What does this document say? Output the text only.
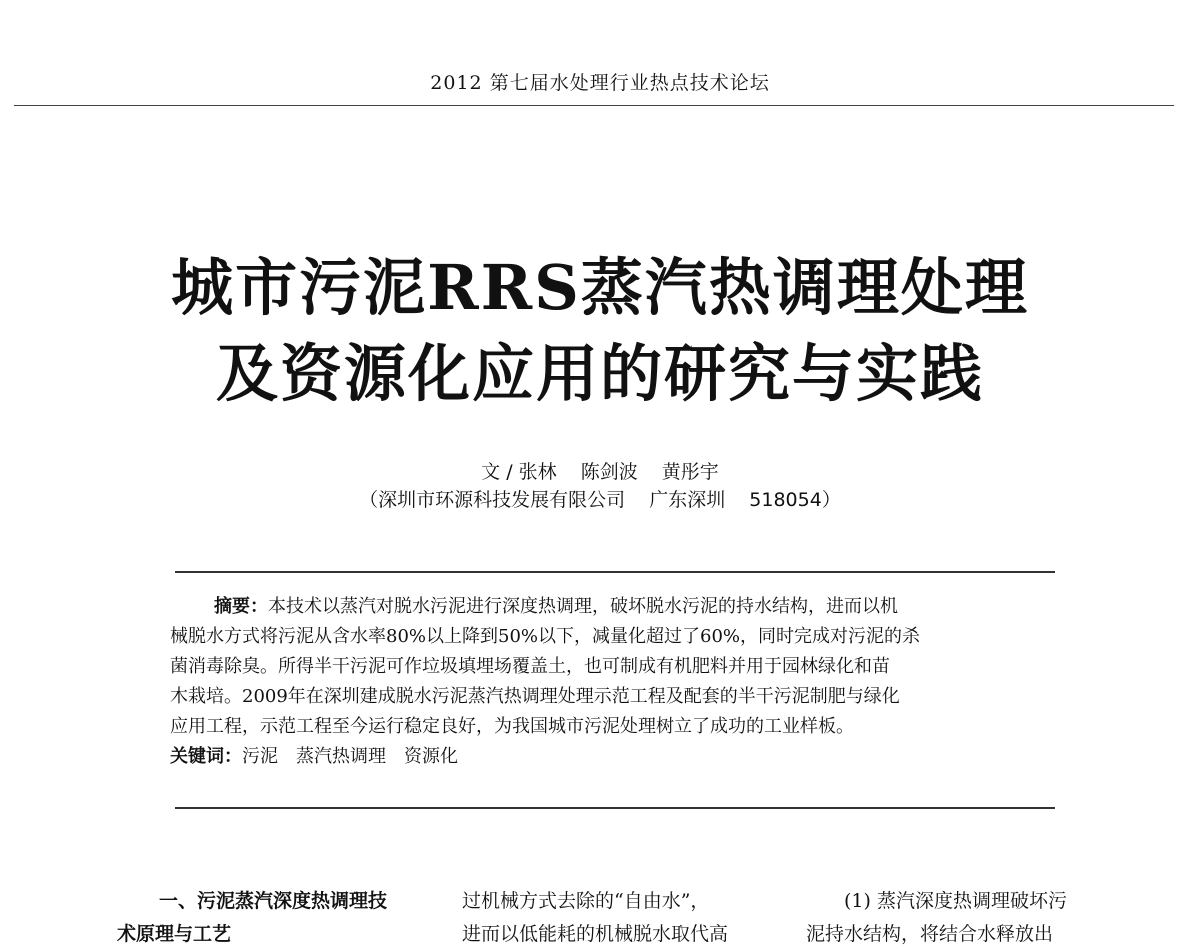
2012 第七届水处理行业热点技术论坛
城市污泥RRS蒸汽热调理处理
及资源化应用的研究与实践
文 / 张林 陈剑波 黄彤宇
（深圳市环源科技发展有限公司 广东深圳 518054）
摘要：本技术以蒸汽对脱水污泥进行深度热调理，破坏脱水污泥的持水结构，进而以机
械脱水方式将污泥从含水率80%以上降到50%以下，减量化超过了60%，同时完成对污泥的杀
菌消毒除臭。所得半干污泥可作垃圾填埋场覆盖土，也可制成有机肥料并用于园林绿化和苗
木栽培。2009年在深圳建成脱水污泥蒸汽热调理处理示范工程及配套的半干污泥制肥与绿化
应用工程，示范工程至今运行稳定良好，为我国城市污泥处理树立了成功的工业样板。
关键词：污泥 蒸汽热调理 资源化
一、污泥蒸汽深度热调理技
术原理与工艺
过机械方式去除的“自由水”，
进而以低能耗的机械脱水取代高
(1) 蒸汽深度热调理破坏污
泥持水结构，将结合水释放出
